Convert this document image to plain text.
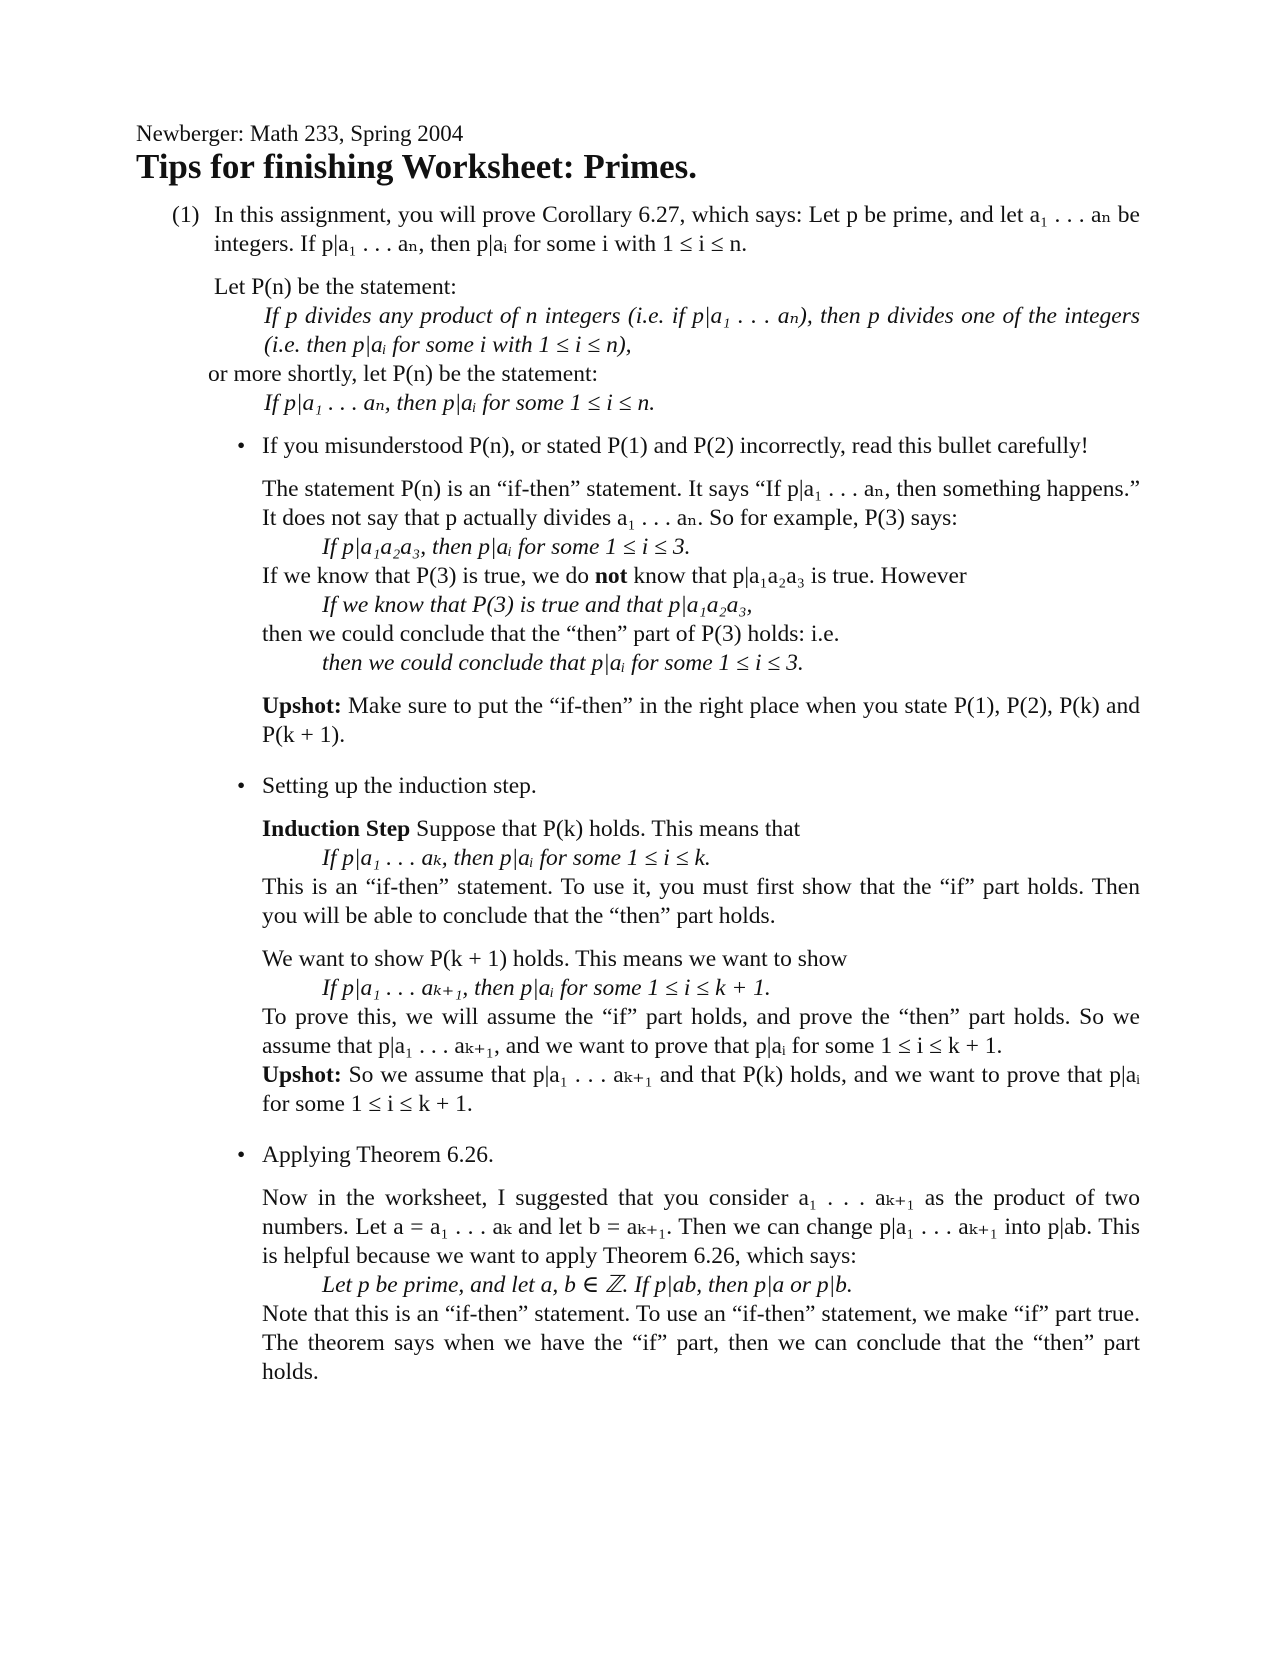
Newberger: Math 233, Spring 2004
Tips for finishing Worksheet: Primes.
(1) In this assignment, you will prove Corollary 6.27, which says: Let p be prime, and let a₁ . . . aₙ be integers. If p|a₁ . . . aₙ, then p|aᵢ for some i with 1 ≤ i ≤ n.

Let P(n) be the statement:

If p divides any product of n integers (i.e. if p|a₁ . . . aₙ), then p divides one of the integers (i.e. then p|aᵢ for some i with 1 ≤ i ≤ n),

or more shortly, let P(n) be the statement:

If p|a₁ . . . aₙ, then p|aᵢ for some 1 ≤ i ≤ n.

• If you misunderstood P(n), or stated P(1) and P(2) incorrectly, read this bullet carefully!

The statement P(n) is an “if-then” statement. It says “If p|a₁ . . . aₙ, then something happens.” It does not say that p actually divides a₁ . . . aₙ. So for example, P(3) says:

If p|a₁a₂a₃, then p|aᵢ for some 1 ≤ i ≤ 3.

If we know that P(3) is true, we do not know that p|a₁a₂a₃ is true. However

If we know that P(3) is true and that p|a₁a₂a₃,

then we could conclude that the “then” part of P(3) holds: i.e.

then we could conclude that p|aᵢ for some 1 ≤ i ≤ 3.

Upshot: Make sure to put the “if-then” in the right place when you state P(1), P(2), P(k) and P(k + 1).

• Setting up the induction step.

Induction Step Suppose that P(k) holds. This means that

If p|a₁ . . . aₖ, then p|aᵢ for some 1 ≤ i ≤ k.

This is an “if-then” statement. To use it, you must first show that the “if” part holds. Then you will be able to conclude that the “then” part holds.

We want to show P(k + 1) holds. This means we want to show

If p|a₁ . . . aₖ₊₁, then p|aᵢ for some 1 ≤ i ≤ k + 1.

To prove this, we will assume the “if” part holds, and prove the “then” part holds. So we assume that p|a₁ . . . aₖ₊₁, and we want to prove that p|aᵢ for some 1 ≤ i ≤ k + 1.

Upshot: So we assume that p|a₁ . . . aₖ₊₁ and that P(k) holds, and we want to prove that p|aᵢ for some 1 ≤ i ≤ k + 1.

• Applying Theorem 6.26.

Now in the worksheet, I suggested that you consider a₁ . . . aₖ₊₁ as the product of two numbers. Let a = a₁ . . . aₖ and let b = aₖ₊₁. Then we can change p|a₁ . . . aₖ₊₁ into p|ab. This is helpful because we want to apply Theorem 6.26, which says:

Let p be prime, and let a, b ∈ ℤ. If p|ab, then p|a or p|b.

Note that this is an “if-then” statement. To use an “if-then” statement, we make “if” part true. The theorem says when we have the “if” part, then we can conclude that the “then” part holds.
